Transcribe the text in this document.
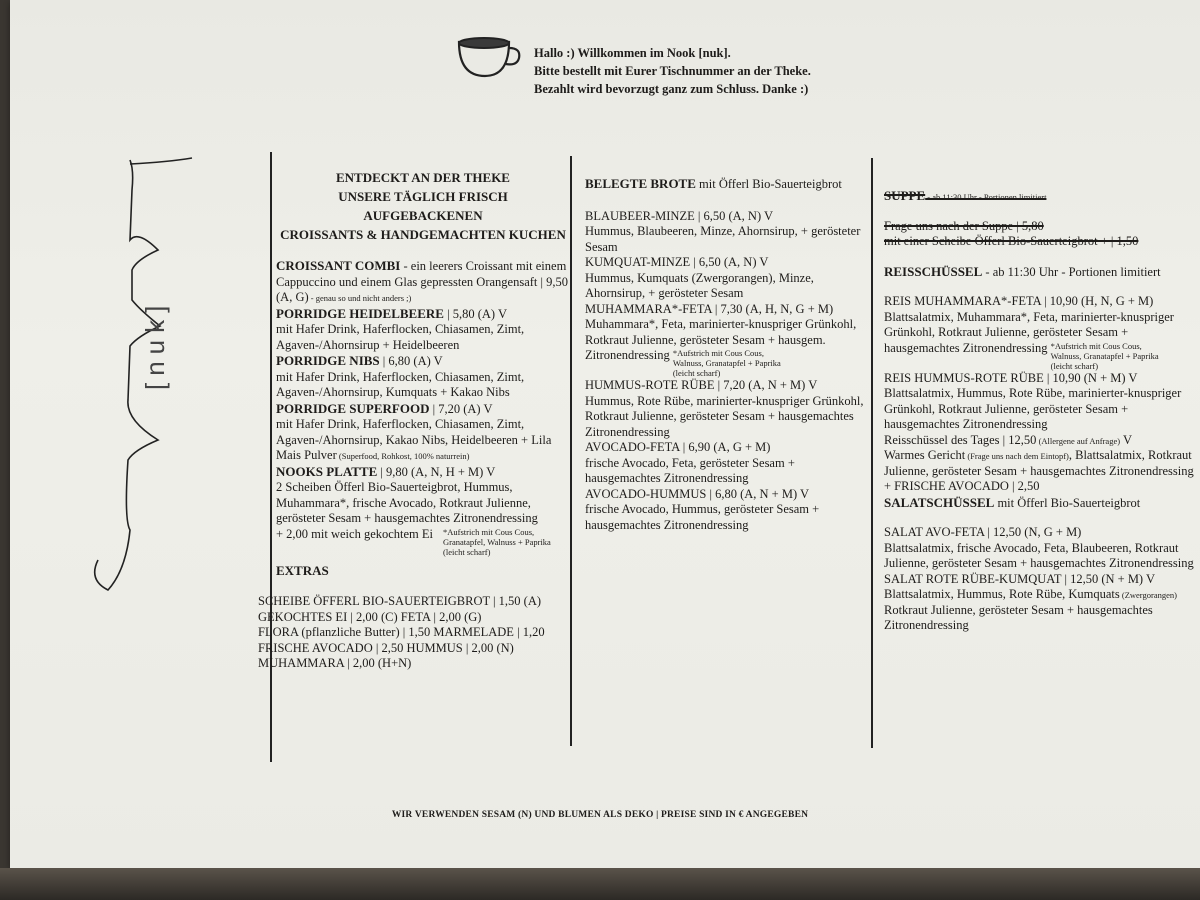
Hallo :) Willkommen im Nook [nuk].
Bitte bestellt mit Eurer Tischnummer an der Theke.
Bezahlt wird bevorzugt ganz zum Schluss. Danke :)
[nuk]
ENTDECKT AN DER THEKE
UNSERE TÄGLICH FRISCH AUFGEBACKENEN
CROISSANTS & HANDGEMACHTEN KUCHEN

CROISSANT COMBI - ein leerers Croissant mit einem Cappuccino und einem Glas gepressten Orangensaft | 9,50 (A, G) - genau so und nicht anders ;)

PORRIDGE HEIDELBEERE | 5,80 (A) V
mit Hafer Drink, Haferflocken, Chiasamen, Zimt, Agaven-/Ahornsirup + Heidelbeeren

PORRIDGE NIBS | 6,80 (A) V
mit Hafer Drink, Haferflocken, Chiasamen, Zimt, Agaven-/Ahornsirup, Kumquats + Kakao Nibs

PORRIDGE SUPERFOOD | 7,20 (A) V
mit Hafer Drink, Haferflocken, Chiasamen, Zimt, Agaven-/Ahornsirup, Kakao Nibs, Heidelbeeren + Lila Mais Pulver (Superfood, Rohkost, 100% naturrein)

NOOKS PLATTE | 9,80 (A, N, H + M) V
2 Scheiben Öfferl Bio-Sauerteigbrot, Hummus, Muhammara*, frische Avocado, Rotkraut Julienne, gerösteter Sesam + hausgemachtes Zitronendressing

+ 2,00 mit weich gekochtem Ei *Aufstrich mit Cous Cous, Granatapfel, Walnuss + Paprika (leicht scharf)

EXTRAS

SCHEIBE ÖFFERL BIO-SAUERTEIGBROT | 1,50 (A)
GEKOCHTES EI | 2,00 (C) FETA | 2,00 (G)
FLORA (pflanzliche Butter) | 1,50 MARMELADE | 1,20
FRISCHE AVOCADO | 2,50 HUMMUS | 2,00 (N)
MUHAMMARA | 2,00 (H+N)

BELEGTE BROTE mit Öfferl Bio-Sauerteigbrot

BLAUBEER-MINZE | 6,50 (A, N) V
Hummus, Blaubeeren, Minze, Ahornsirup, + gerösteter Sesam

KUMQUAT-MINZE | 6,50 (A, N) V
Hummus, Kumquats (Zwergorangen), Minze, Ahornsirup, + gerösteter Sesam

MUHAMMARA*-FETA | 7,30 (A, H, N, G + M)
Muhammara*, Feta, marinierter-knuspriger Grünkohl, Rotkraut Julienne, gerösteter Sesam + hausgem. Zitronendressing *Aufstrich mit Cous Cous, Walnuss, Granatapfel + Paprika (leicht scharf)

HUMMUS-ROTE RÜBE | 7,20 (A, N + M) V
Hummus, Rote Rübe, marinierter-knuspriger Grünkohl, Rotkraut Julienne, gerösteter Sesam + hausgemachtes Zitronendressing

AVOCADO-FETA | 6,90 (A, G + M)
frische Avocado, Feta, gerösteter Sesam + hausgemachtes Zitronendressing

AVOCADO-HUMMUS | 6,80 (A, N + M) V
frische Avocado, Hummus, gerösteter Sesam + hausgemachtes Zitronendressing

SUPPE - ab 11:30 Uhr - Portionen limitiert

Frage uns nach der Suppe | 5,80

mit einer Scheibe Öfferl Bio-Sauerteigbrot + | 1,50

REISSCHÜSSEL - ab 11:30 Uhr - Portionen limitiert

REIS MUHAMMARA*-FETA | 10,90 (H, N, G + M)
Blattsalatmix, Muhammara*, Feta, marinierter-knuspriger Grünkohl, Rotkraut Julienne, gerösteter Sesam + hausgemachtes Zitronendressing *Aufstrich mit Cous Cous, Walnuss, Granatapfel + Paprika (leicht scharf)

REIS HUMMUS-ROTE RÜBE | 10,90 (N + M) V
Blattsalatmix, Hummus, Rote Rübe, marinierter-knuspriger Grünkohl, Rotkraut Julienne, gerösteter Sesam + hausgemachtes Zitronendressing

Reisschüssel des Tages | 12,50 (Allergene auf Anfrage) V
Warmes Gericht (Frage uns nach dem Eintopf), Blattsalatmix, Rotkraut Julienne, gerösteter Sesam + hausgemachtes Zitronendressing

+ FRISCHE AVOCADO | 2,50

SALATSCHÜSSEL mit Öfferl Bio-Sauerteigbrot

SALAT AVO-FETA | 12,50 (N, G + M)
Blattsalatmix, frische Avocado, Feta, Blaubeeren, Rotkraut Julienne, gerösteter Sesam + hausgemachtes Zitronendressing

SALAT ROTE RÜBE-KUMQUAT | 12,50 (N + M) V
Blattsalatmix, Hummus, Rote Rübe, Kumquats (Zwergorangen) Rotkraut Julienne, gerösteter Sesam + hausgemachtes Zitronendressing

WIR VERWENDEN SESAM (N) UND BLUMEN ALS DEKO | PREISE SIND IN € ANGEGEBEN
